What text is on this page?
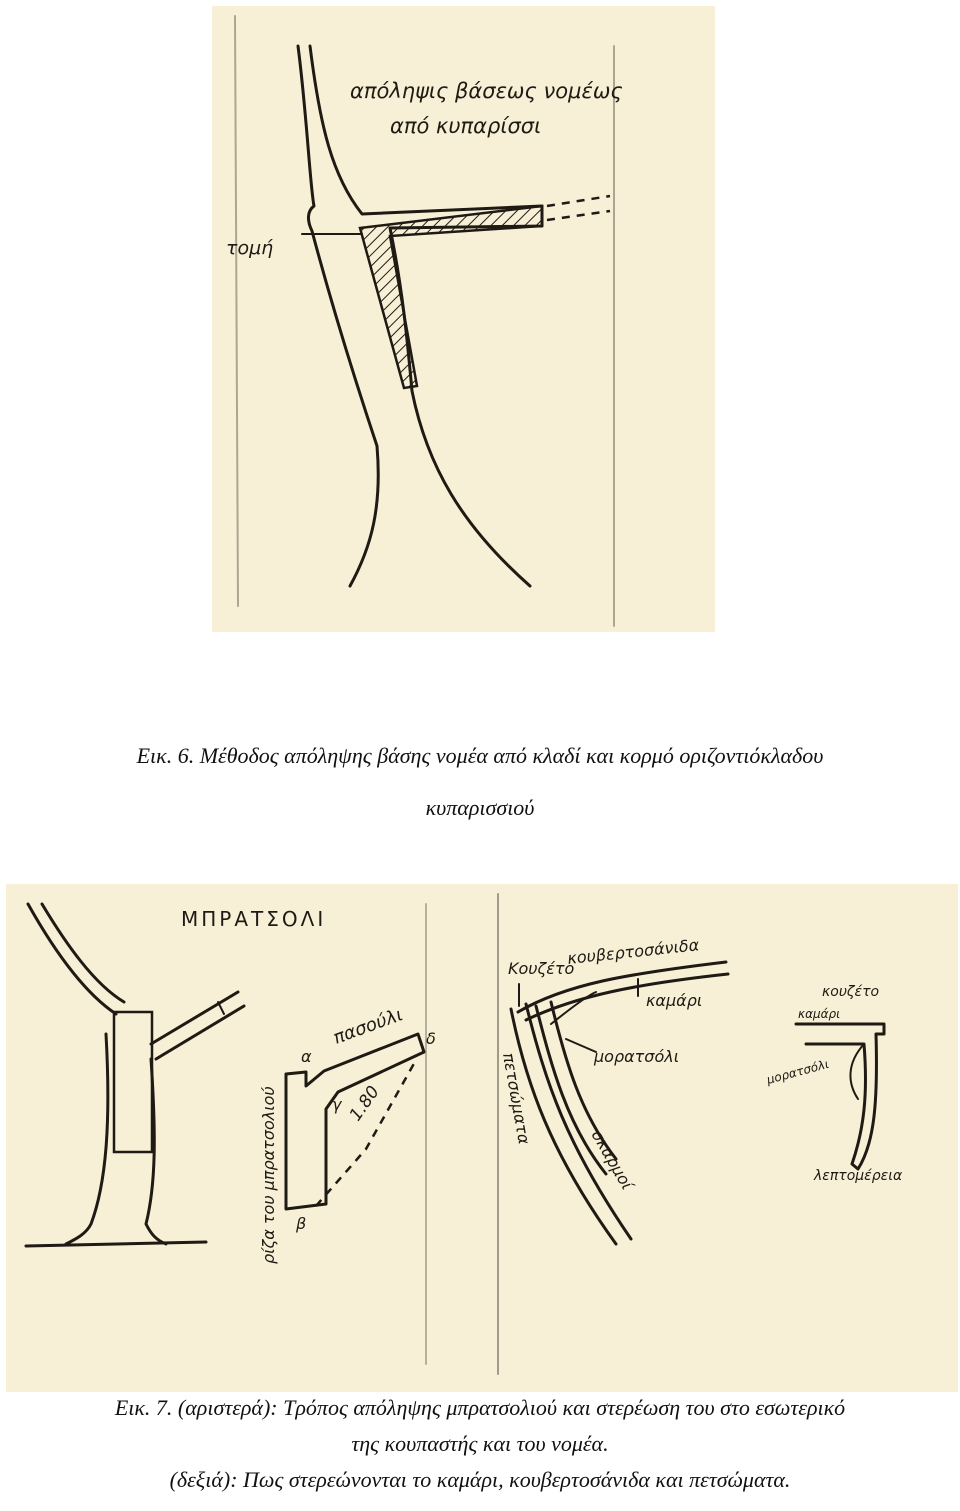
απόληψις βάσεως νομέως
από κυπαρίσσι
τομή
Εικ. 6. Μέθοδος απόληψης βάσης νομέα από κλαδί και κορμό οριζοντιόκλαδου
κυπαρισσιού
ΜΠΡΑΤΣΟΛΙ
α
γ
δ
β
πασούλι
ρίζα του μπρατσολιού	1.80
Κουζέτο
κουβερτοσάνιδα
καμάρι
μορατσόλι
πετσώματα
σκαρμοί
κουζέτο
καμάρι
μορατσόλι
λεπτομέρεια
Εικ. 7. (αριστερά): Τρόπος απόληψης μπρατσολιού και στερέωση του στο εσωτερικό
της κουπαστής και του νομέα.
(δεξιά): Πως στερεώνονται το καμάρι, κουβερτοσάνιδα και πετσώματα.
